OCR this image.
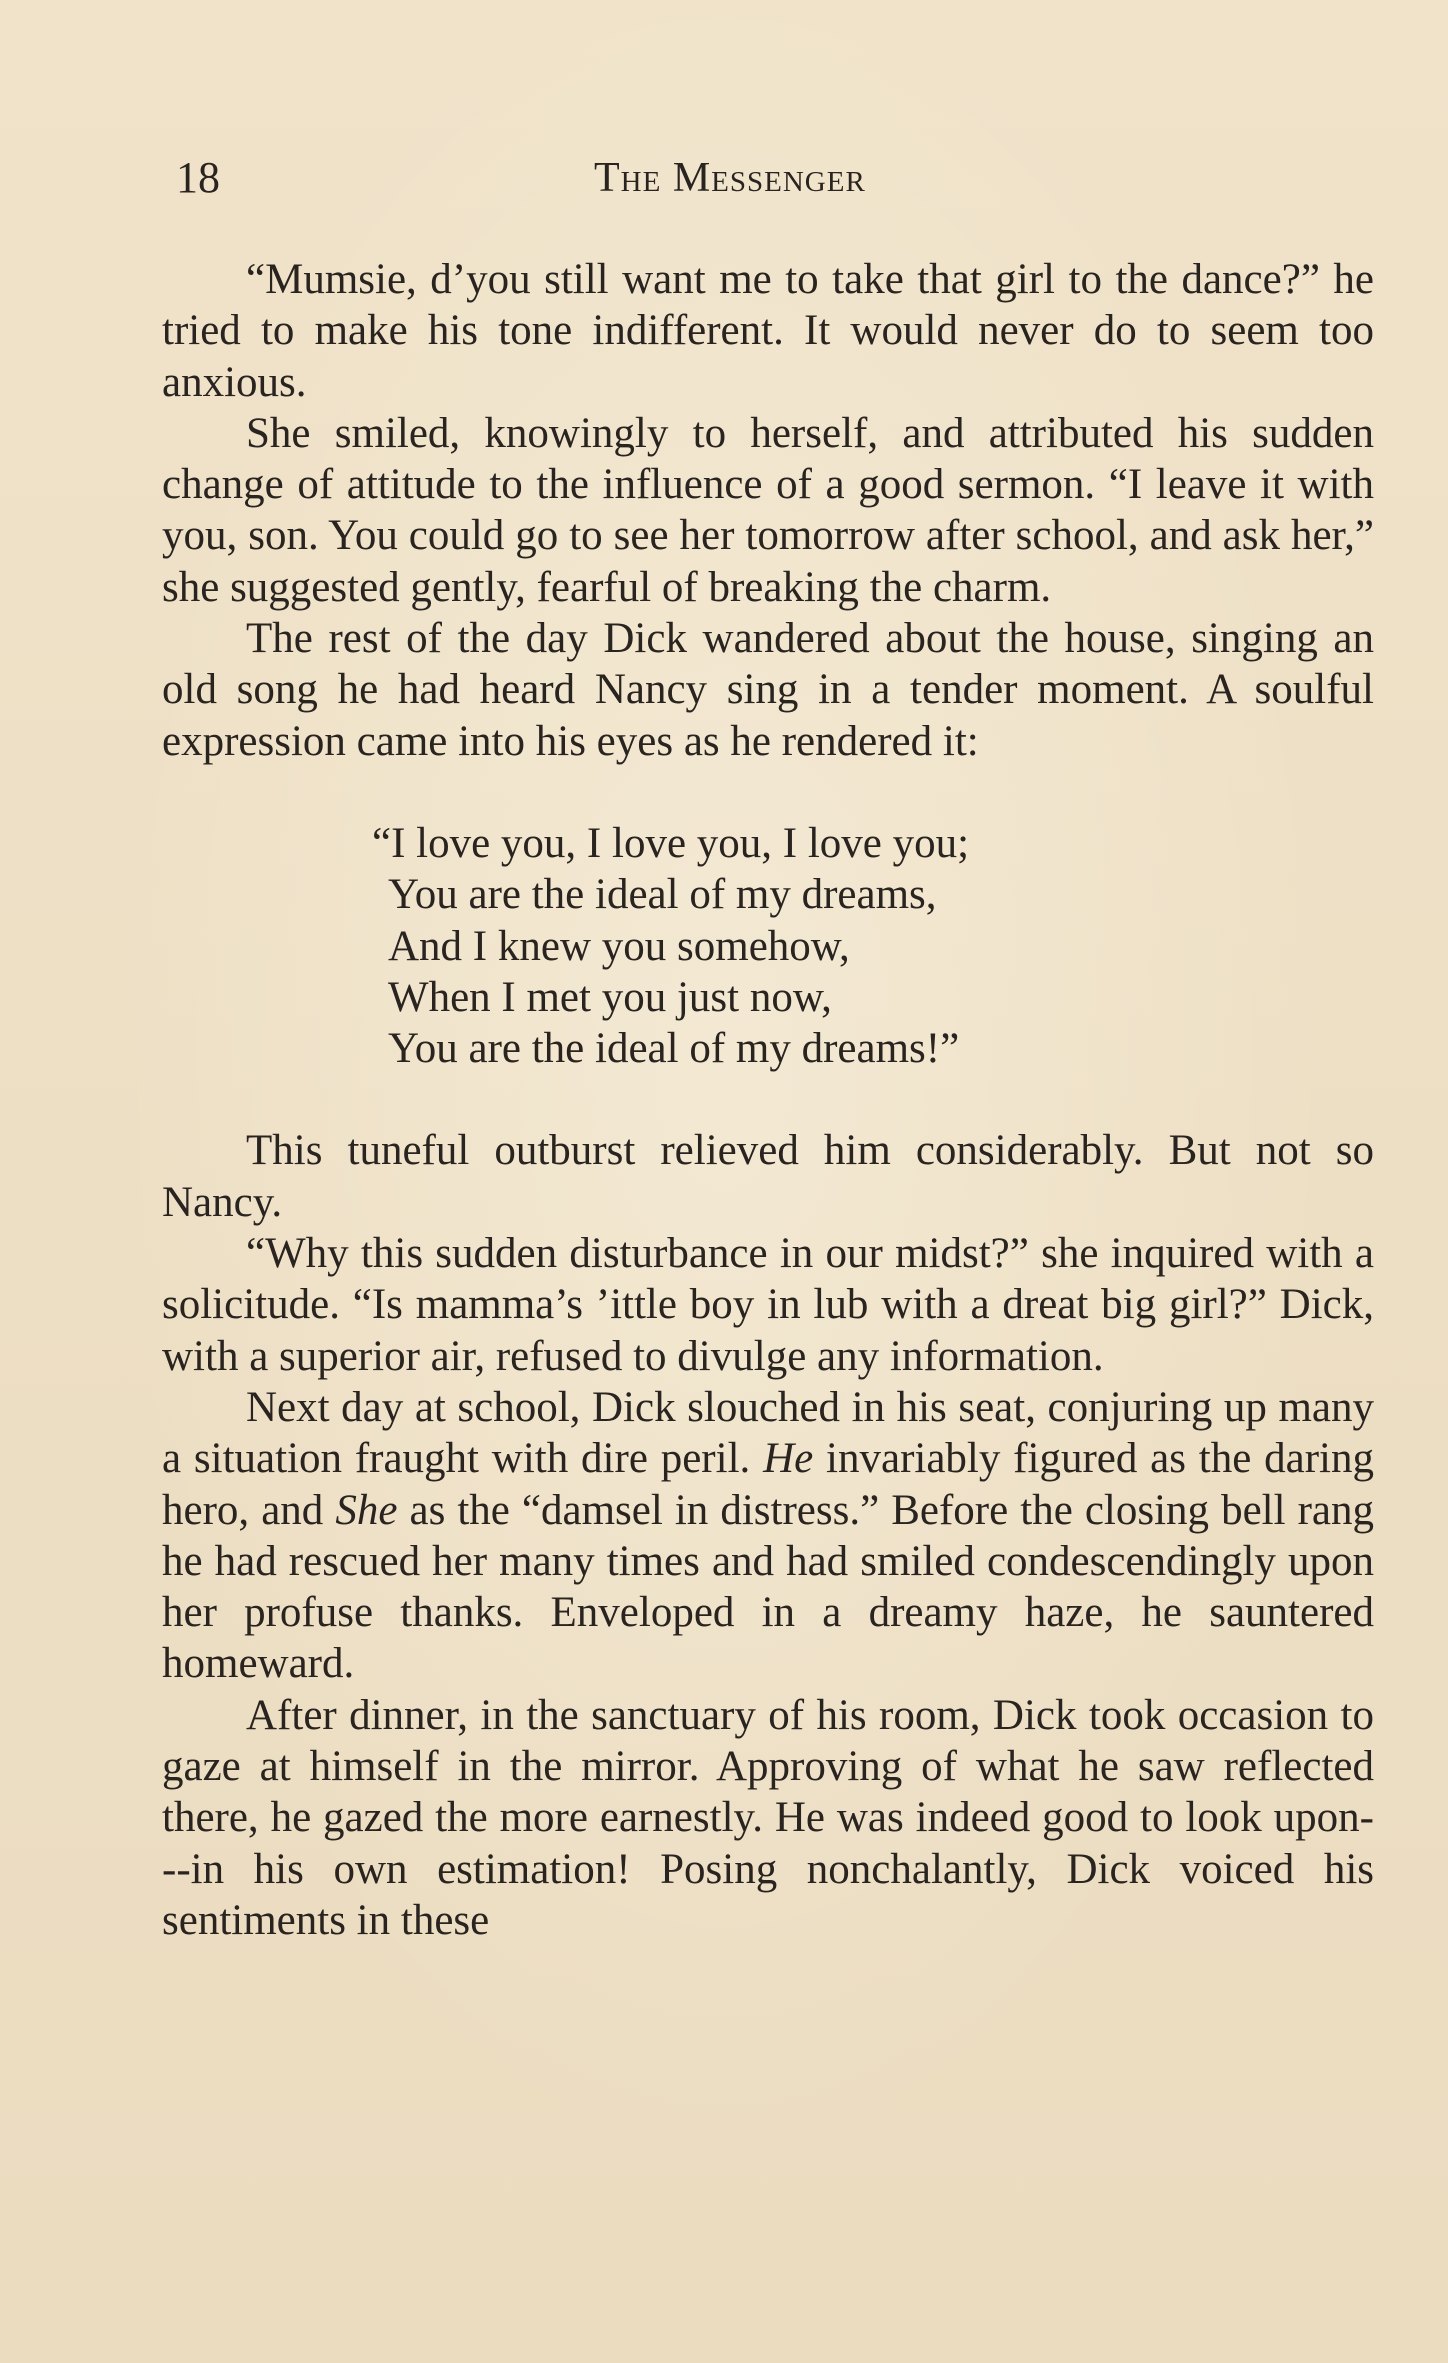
18	The Messenger

“Mumsie, d’you still want me to take that girl to the dance?” he tried to make his tone indifferent. It would never do to seem too anxious.

She smiled, knowingly to herself, and attributed his sudden change of attitude to the influence of a good sermon. “I leave it with you, son. You could go to see her tomorrow after school, and ask her,” she suggested gently, fearful of breaking the charm.

The rest of the day Dick wandered about the house, singing an old song he had heard Nancy sing in a tender moment. A soulful expression came into his eyes as he rendered it:

“I love you, I love you, I love you;
You are the ideal of my dreams,
And I knew you somehow,
When I met you just now,
You are the ideal of my dreams!”

This tuneful outburst relieved him considerably. But not so Nancy.

“Why this sudden disturbance in our midst?” she inquired with a solicitude. “Is mamma’s ’ittle boy in lub with a dreat big girl?” Dick, with a superior air, refused to divulge any information.

Next day at school, Dick slouched in his seat, conjuring up many a situation fraught with dire peril. He invariably figured as the daring hero, and She as the “damsel in distress.” Before the closing bell rang he had rescued her many times and had smiled condescendingly upon her profuse thanks. Enveloped in a dreamy haze, he sauntered homeward.

After dinner, in the sanctuary of his room, Dick took occasion to gaze at himself in the mirror. Approving of what he saw reflected there, he gazed the more earnestly. He was indeed good to look upon---in his own estimation! Posing nonchalantly, Dick voiced his sentiments in these
